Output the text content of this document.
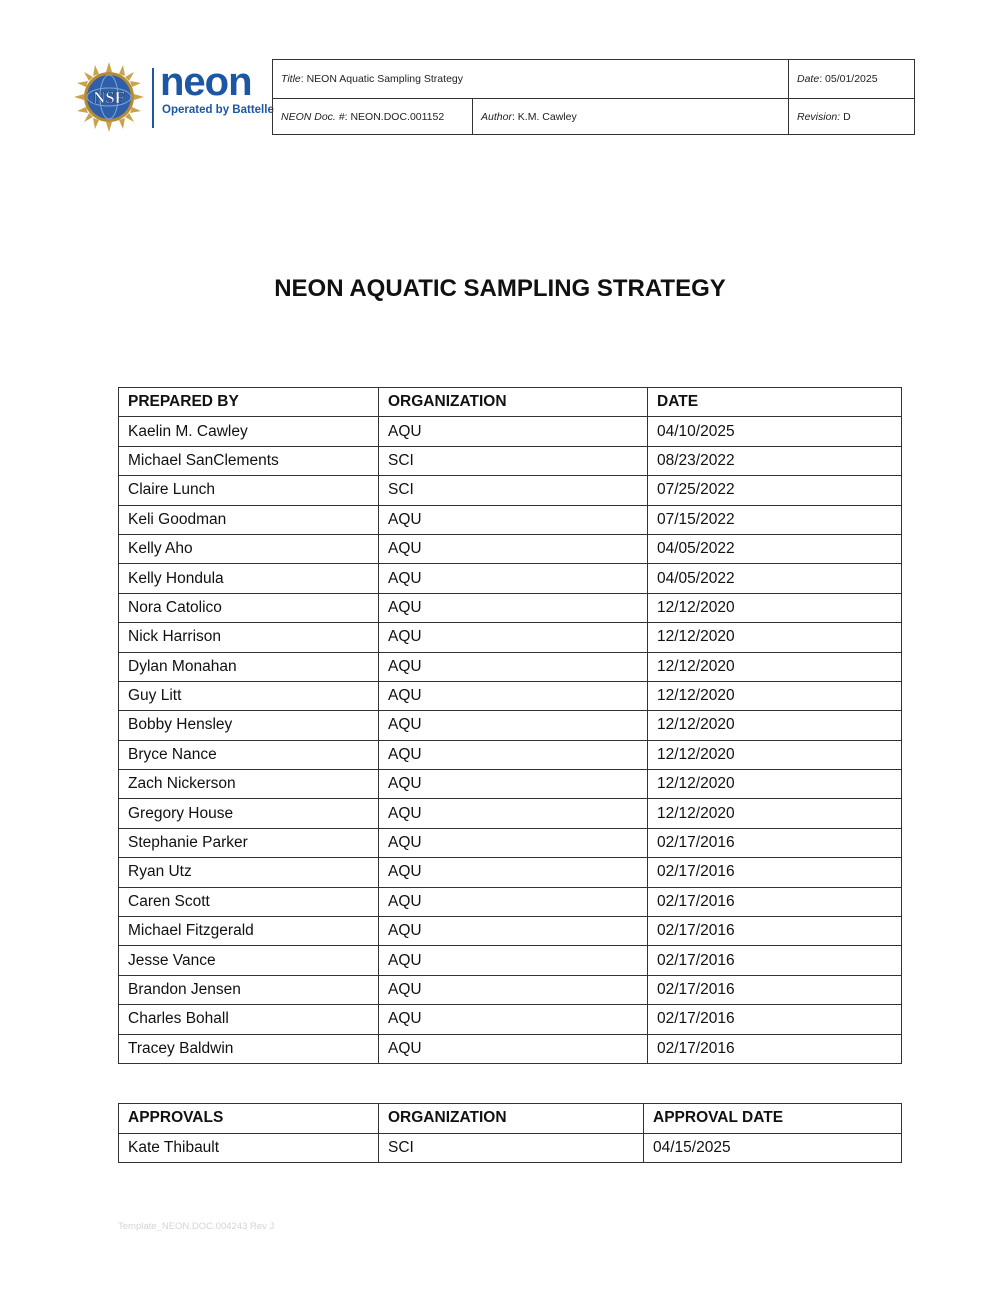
NSF neon
Operated by Battelle
Title: NEON Aquatic Sampling Strategy		Date: 05/01/2025
NEON Doc. #: NEON.DOC.001152	Author: K.M. Cawley	Revision: D
NEON AQUATIC SAMPLING STRATEGY
PREPARED BY	ORGANIZATION	DATE
Kaelin M. Cawley	AQU	04/10/2025
Michael SanClements	SCI	08/23/2022
Claire Lunch	SCI	07/25/2022
Keli Goodman	AQU	07/15/2022
Kelly Aho	AQU	04/05/2022
Kelly Hondula	AQU	04/05/2022
Nora Catolico	AQU	12/12/2020
Nick Harrison	AQU	12/12/2020
Dylan Monahan	AQU	12/12/2020
Guy Litt	AQU	12/12/2020
Bobby Hensley	AQU	12/12/2020
Bryce Nance	AQU	12/12/2020
Zach Nickerson	AQU	12/12/2020
Gregory House	AQU	12/12/2020
Stephanie Parker	AQU	02/17/2016
Ryan Utz	AQU	02/17/2016
Caren Scott	AQU	02/17/2016
Michael Fitzgerald	AQU	02/17/2016
Jesse Vance	AQU	02/17/2016
Brandon Jensen	AQU	02/17/2016
Charles Bohall	AQU	02/17/2016
Tracey Baldwin	AQU	02/17/2016
APPROVALS	ORGANIZATION	APPROVAL DATE
Kate Thibault	SCI	04/15/2025
Template_NEON.DOC.004243 Rev J
